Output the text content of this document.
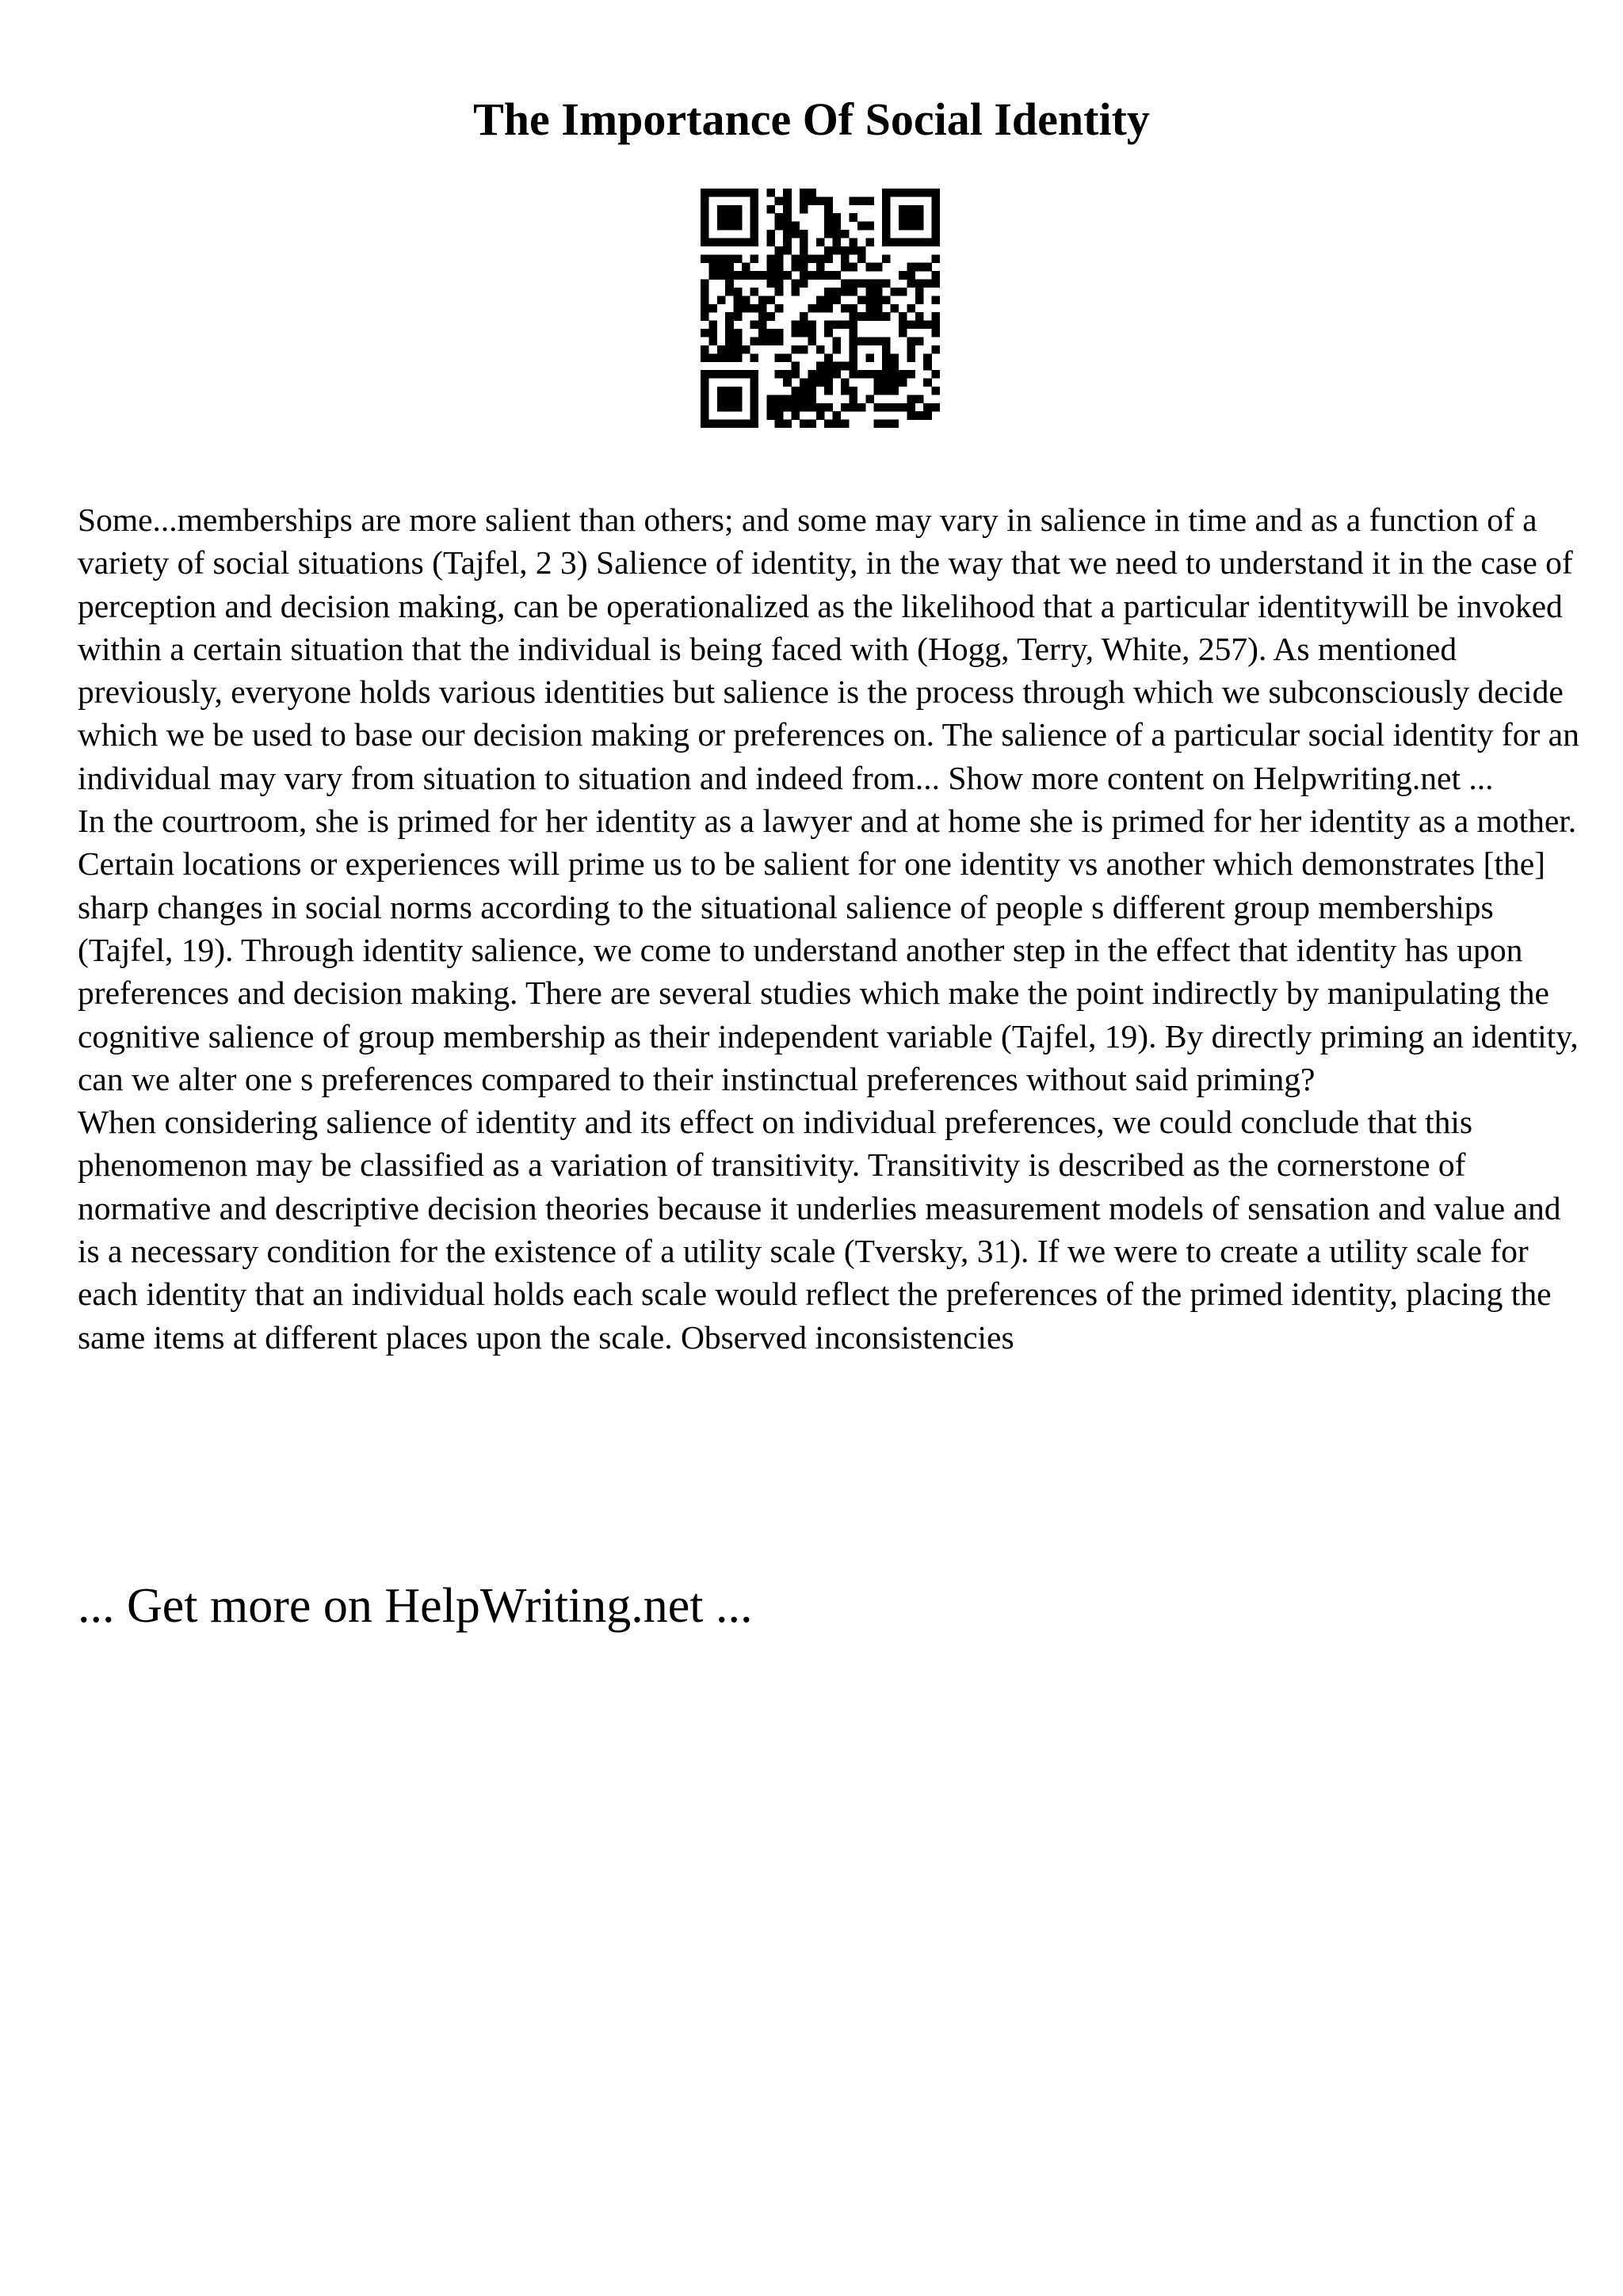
The Importance Of Social Identity

Some...memberships are more salient than others; and some may vary in salience in time and as a function of a variety of social situations (Tajfel, 2 3) Salience of identity, in the way that we need to understand it in the case of perception and decision making, can be operationalized as the likelihood that a particular identitywill be invoked within a certain situation that the individual is being faced with (Hogg, Terry, White, 257). As mentioned previously, everyone holds various identities but salience is the process through which we subconsciously decide which we be used to base our decision making or preferences on. The salience of a particular social identity for an individual may vary from situation to situation and indeed from... Show more content on Helpwriting.net ...

In the courtroom, she is primed for her identity as a lawyer and at home she is primed for her identity as a mother. Certain locations or experiences will prime us to be salient for one identity vs another which demonstrates [the] sharp changes in social norms according to the situational salience of people s different group memberships (Tajfel, 19). Through identity salience, we come to understand another step in the effect that identity has upon preferences and decision making. There are several studies which make the point indirectly by manipulating the cognitive salience of group membership as their independent variable (Tajfel, 19). By directly priming an identity, can we alter one s preferences compared to their instinctual preferences without said priming?

When considering salience of identity and its effect on individual preferences, we could conclude that this phenomenon may be classified as a variation of transitivity. Transitivity is described as the cornerstone of normative and descriptive decision theories because it underlies measurement models of sensation and value and is a necessary condition for the existence of a utility scale (Tversky, 31). If we were to create a utility scale for each identity that an individual holds each scale would reflect the preferences of the primed identity, placing the same items at different places upon the scale. Observed inconsistencies

... Get more on HelpWriting.net ...
